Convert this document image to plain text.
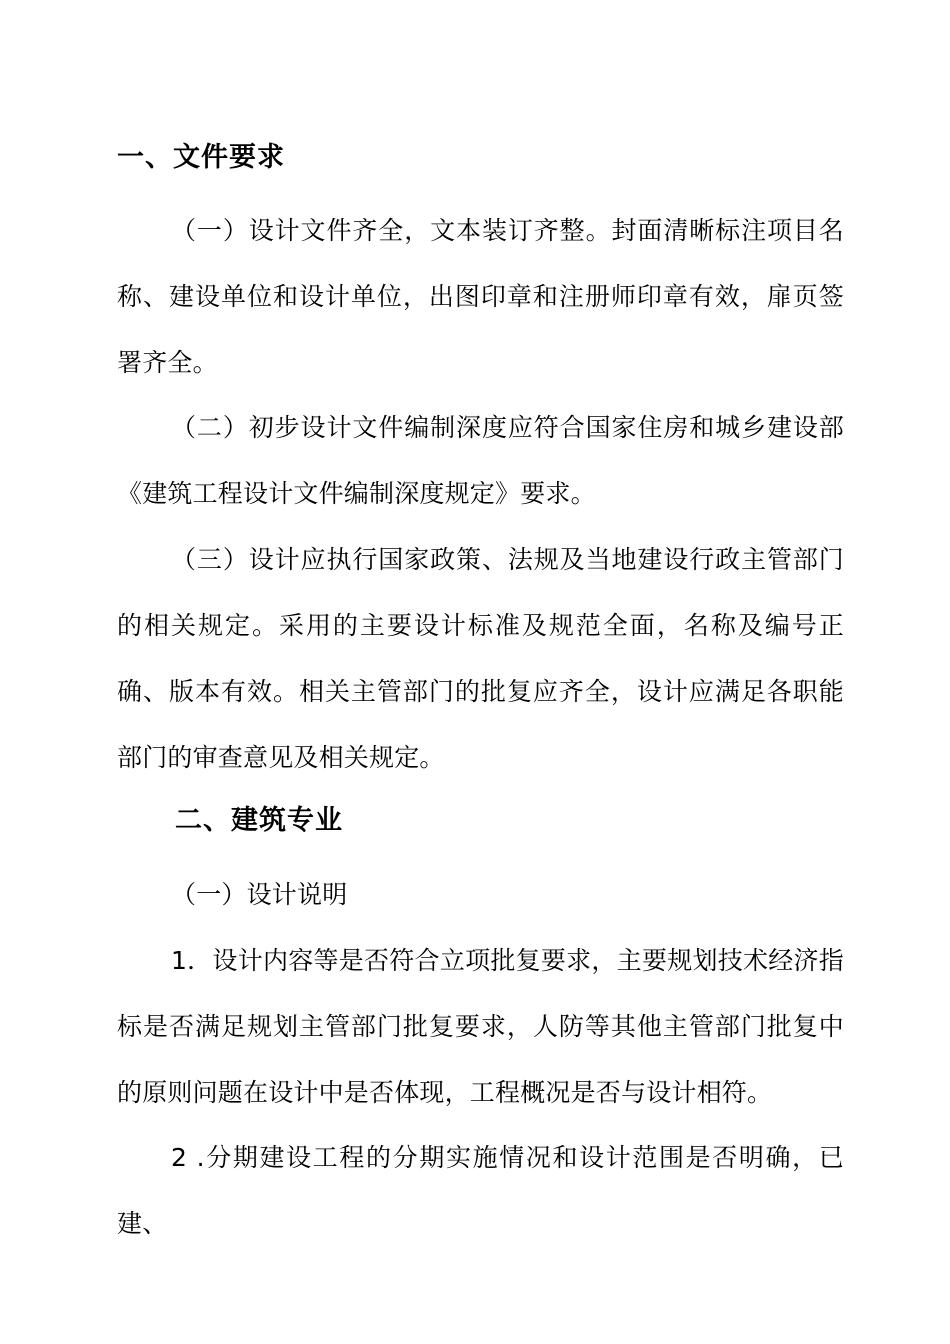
一、文件要求
（一）设计文件齐全，文本装订齐整。封面清晰标注项目名称、建设单位和设计单位，出图印章和注册师印章有效，扉页签署齐全。
（二）初步设计文件编制深度应符合国家住房和城乡建设部《建筑工程设计文件编制深度规定》要求。
（三）设计应执行国家政策、法规及当地建设行政主管部门的相关规定。采用的主要设计标准及规范全面，名称及编号正确、版本有效。相关主管部门的批复应齐全，设计应满足各职能部门的审查意见及相关规定。
二、建筑专业
（一）设计说明
1．设计内容等是否符合立项批复要求，主要规划技术经济指标是否满足规划主管部门批复要求，人防等其他主管部门批复中的原则问题在设计中是否体现，工程概况是否与设计相符。
2 .分期建设工程的分期实施情况和设计范围是否明确，已建、
